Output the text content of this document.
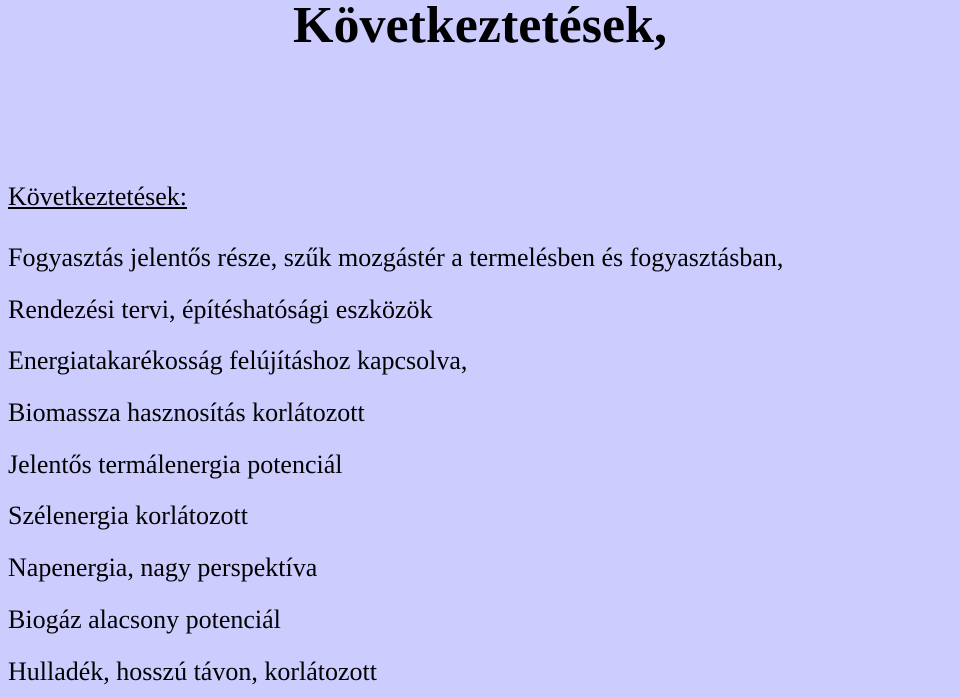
Következtetések,
Következtetések:
Fogyasztás jelentős része, szűk mozgástér a termelésben és fogyasztásban,
Rendezési tervi, építéshatósági eszközök
Energiatakarékosság felújításhoz kapcsolva,
Biomassza hasznosítás korlátozott
Jelentős termálenergia potenciál
Szélenergia korlátozott
Napenergia, nagy perspektíva
Biogáz alacsony potenciál
Hulladék, hosszú távon, korlátozott
